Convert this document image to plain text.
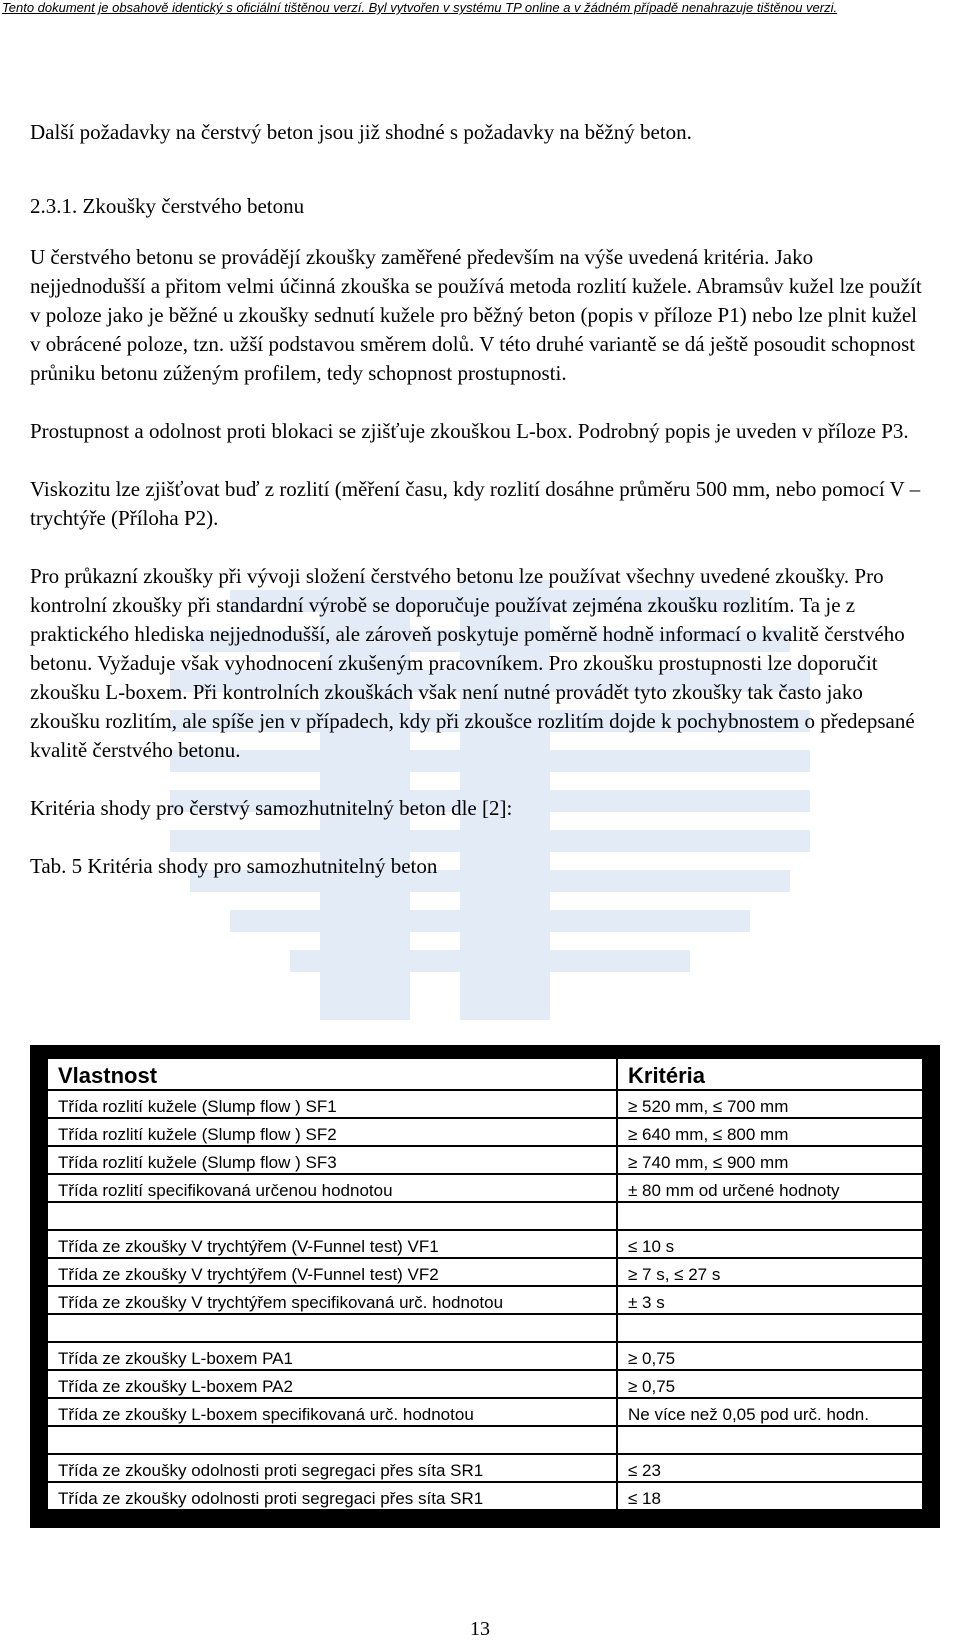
Tento dokument je obsahově identický s oficiální tištěnou verzí. Byl vytvořen v systému TP online a v žádném případě nenahrazuje tištěnou verzi.

Další požadavky na čerstvý beton jsou již shodné s požadavky na běžný beton.

2.3.1. Zkoušky čerstvého betonu

U čerstvého betonu se provádějí zkoušky zaměřené především na výše uvedená kritéria. Jako nejjednodušší a přitom velmi účinná zkouška se používá metoda rozlití kužele. Abramsův kužel lze použít v poloze jako je běžné u zkoušky sednutí kužele pro běžný beton (popis v příloze P1) nebo lze plnit kužel v obrácené poloze, tzn. užší podstavou směrem dolů. V této druhé variantě se dá ještě posoudit schopnost průniku betonu zúženým profilem, tedy schopnost prostupnosti.

Prostupnost a odolnost proti blokaci se zjišťuje zkouškou L-box. Podrobný popis je uveden v příloze P3.

Viskozitu lze zjišťovat buď z rozlití (měření času, kdy rozlití dosáhne průměru 500 mm, nebo pomocí V – trychtýře (Příloha P2).

Pro průkazní zkoušky při vývoji složení čerstvého betonu lze používat všechny uvedené zkoušky. Pro kontrolní zkoušky při standardní výrobě se doporučuje používat zejména zkoušku rozlitím. Ta je z praktického hlediska nejjednodušší, ale zároveň poskytuje poměrně hodně informací o kvalitě čerstvého betonu. Vyžaduje však vyhodnocení zkušeným pracovníkem. Pro zkoušku prostupnosti lze doporučit zkoušku L-boxem. Při kontrolních zkouškách však není nutné provádět tyto zkoušky tak často jako zkoušku rozlitím, ale spíše jen v případech, kdy při zkoušce rozlitím dojde k pochybnostem o předepsané kvalitě čerstvého betonu.

Kritéria shody pro čerstvý samozhutnitelný beton dle [2]:

Tab. 5 Kritéria shody pro samozhutnitelný beton

Vlastnost	Kritéria
Třída rozlití kužele (Slump flow ) SF1	≥ 520 mm, ≤ 700 mm
Třída rozlití kužele (Slump flow ) SF2	≥ 640 mm, ≤ 800 mm
Třída rozlití kužele (Slump flow ) SF3	≥ 740 mm, ≤ 900 mm
Třída rozlití specifikovaná určenou hodnotou	± 80 mm od určené hodnoty

Třída ze zkoušky V trychtýřem (V-Funnel test) VF1	≤ 10 s
Třída ze zkoušky V trychtýřem (V-Funnel test) VF2	≥ 7 s, ≤ 27 s
Třída ze zkoušky V trychtýřem specifikovaná urč. hodnotou	± 3 s

Třída ze zkoušky L-boxem PA1	≥ 0,75
Třída ze zkoušky L-boxem PA2	≥ 0,75
Třída ze zkoušky L-boxem specifikovaná urč. hodnotou	Ne více než 0,05 pod urč. hodn.

Třída ze zkoušky odolnosti proti segregaci přes síta SR1	≤ 23
Třída ze zkoušky odolnosti proti segregaci přes síta SR1	≤ 18
13
